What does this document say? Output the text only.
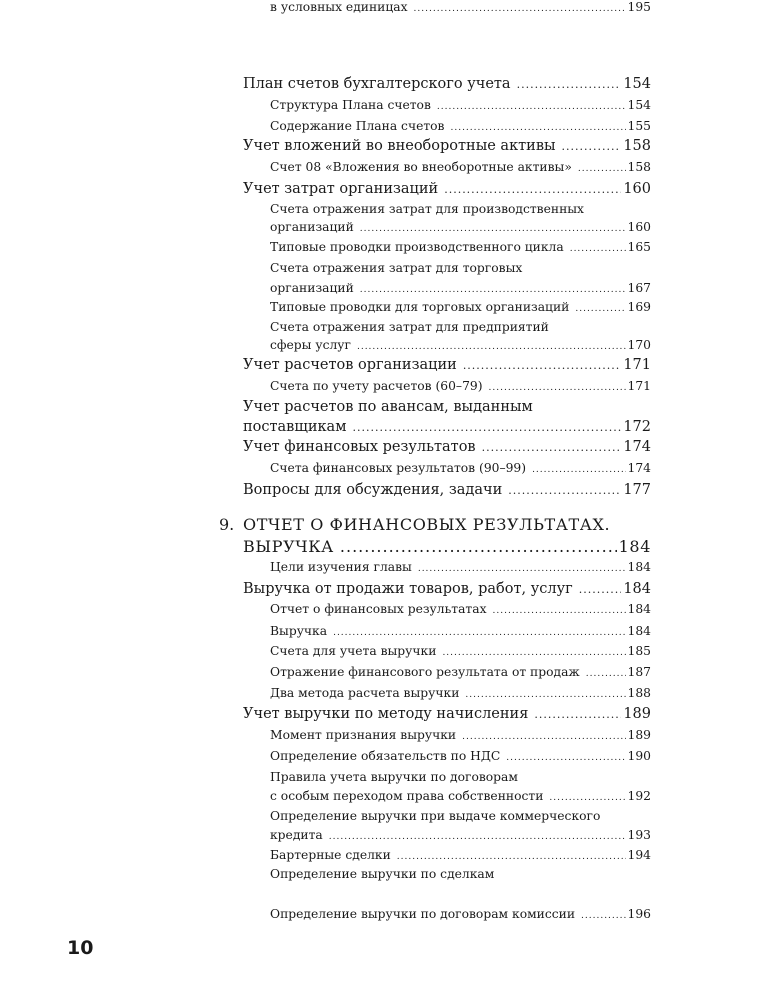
План счетов бухгалтерского учета .....	154
Структура Плана счетов .....	154
Содержание Плана счетов .....	155
Учет вложений во внеоборотные активы .....	158
Счет 08 «Вложения во внеоборотные активы» .....	158
Учет затрат организаций .....	160
Счета отражения затрат для производственных
организаций .....	160
Типовые проводки производственного цикла .....	165
Счета отражения затрат для торговых
организаций .....	167
Типовые проводки для торговых организаций .....	169
Счета отражения затрат для предприятий
сферы услуг .....	170
Учет расчетов организации .....	171
Счета по учету расчетов (60–79) .....	171
Учет расчетов по авансам, выданным
поставщикам .....	172
Учет финансовых результатов .....	174
Счета финансовых результатов (90–99) .....	174
Вопросы для обсуждения, задачи .....	177
9. ОТЧЕТ О ФИНАНСОВЫХ РЕЗУЛЬТАТАХ.
ВЫРУЧКА .....	184
Цели изучения главы .....	184
Выручка от продажи товаров, работ, услуг .....	184
Отчет о финансовых результатах .....	184
Выручка .....	184
Счета для учета выручки .....	185
Отражение финансового результата от продаж .....	187
Два метода расчета выручки .....	188
Учет выручки по методу начисления .....	189
Момент признания выручки .....	189
Определение обязательств по НДС .....	190
Правила учета выручки по договорам
с особым переходом права собственности .....	192
Определение выручки при выдаче коммерческого
кредита .....	193
Бартерные сделки .....	194
Определение выручки по сделкам
в условных единицах .....	195
Определение выручки по договорам комиссии .....	196
10
